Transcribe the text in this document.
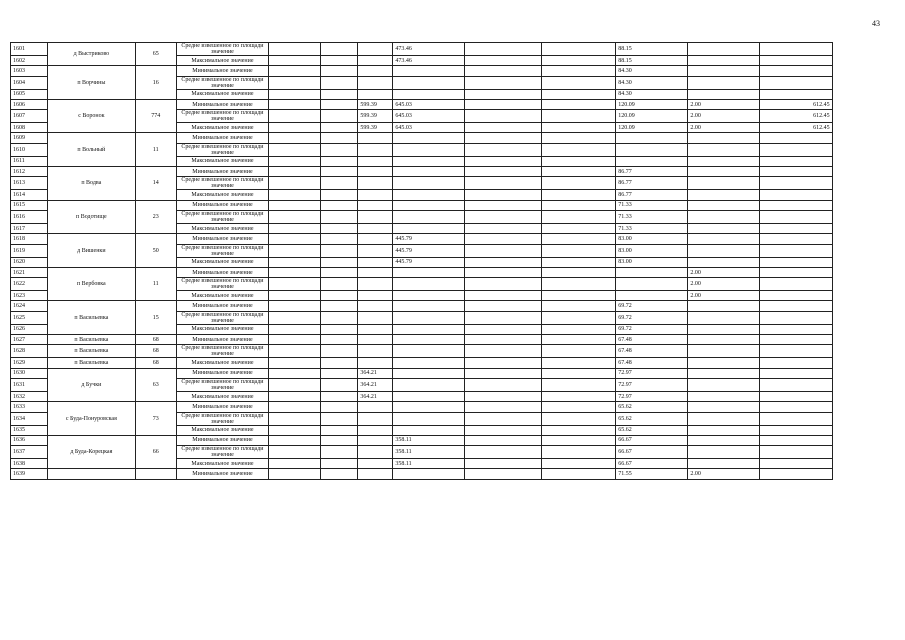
43
1601	д Выстриково	65	Средне взвешенное по площади значение					473.46				88.15		
1602			Максимальное значение					473.46				88.15		
1603	п Ворчины	16	Минимальное значение									84.30		
1604			Средне взвешенное по площади значение									84.30		
1605			Максимальное значение									84.30		
1606	с Воронок	774	Минимальное значение				599.39	645.03				120.09	2.00	612.45
1607			Средне взвешенное по площади значение				599.39	645.03				120.09	2.00	612.45
1608			Максимальное значение				599.39	645.03				120.09	2.00	612.45
1609	п Вольный	11	Минимальное значение											
1610			Средне взвешенное по площади значение											
1611			Максимальное значение											
1612	п Водва	14	Минимальное значение									86.77		
1613			Средне взвешенное по площади значение									86.77		
1614			Максимальное значение									86.77		
1615	п Водотище	23	Минимальное значение									71.33		
1616			Средне взвешенное по площади значение									71.33		
1617			Максимальное значение									71.33		
1618	д Вишенки	50	Минимальное значение					445.79				83.00		
1619			Средне взвешенное по площади значение					445.79				83.00		
1620			Максимальное значение					445.79				83.00		
1621	п Вербовка	11	Минимальное значение										2.00	
1622			Средне взвешенное по площади значение										2.00	
1623			Максимальное значение										2.00	
1624	п Васильевка	15	Минимальное значение									69.72		
1625			Средне взвешенное по площади значение									69.72		
1626			Максимальное значение									69.72		
1627	п Васильевка	68	Минимальное значение									67.48		
1628	п Васильевка	68	Средне взвешенное по площади значение									67.48		
1629	п Васильевка	68	Максимальное значение									67.48		
1630	д Бучки	63	Минимальное значение				364.21					72.97		
1631			Средне взвешенное по площади значение				364.21					72.97		
1632			Максимальное значение				364.21					72.97		
1633	с Буда-Понуровская	73	Минимальное значение									65.62		
1634			Средне взвешенное по площади значение									65.62		
1635			Максимальное значение									65.62		
1636	д Буда-Корецкая	66	Минимальное значение					358.11				66.67		
1637			Средне взвешенное по площади значение					358.11				66.67		
1638			Максимальное значение					358.11				66.67		
1639			Минимальное значение									71.55	2.00	
